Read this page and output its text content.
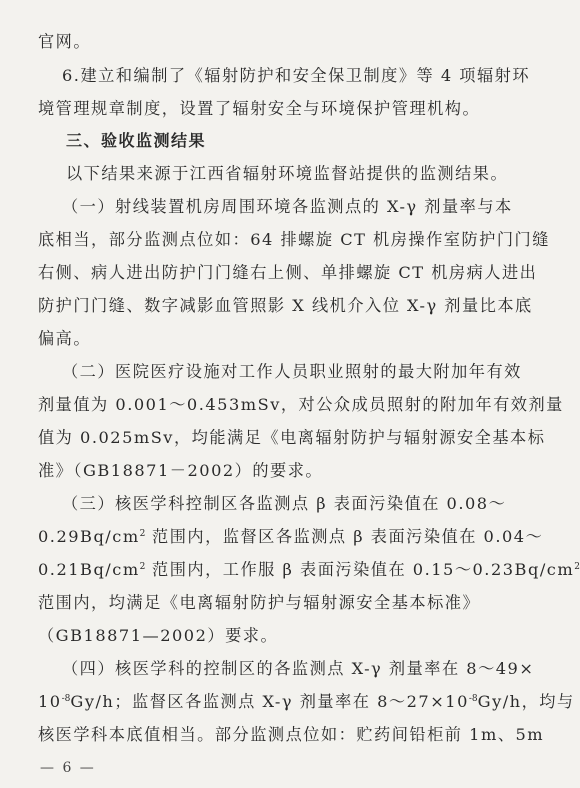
官网。
6.建立和编制了《辐射防护和安全保卫制度》等 4 项辐射环
境管理规章制度，设置了辐射安全与环境保护管理机构。
三、验收监测结果
以下结果来源于江西省辐射环境监督站提供的监测结果。
（一）射线装置机房周围环境各监测点的 X-γ 剂量率与本
底相当，部分监测点位如：64 排螺旋 CT 机房操作室防护门门缝
右侧、病人进出防护门门缝右上侧、单排螺旋 CT 机房病人进出
防护门门缝、数字减影血管照影 X 线机介入位 X-γ 剂量比本底
偏高。
（二）医院医疗设施对工作人员职业照射的最大附加年有效
剂量值为 0.001～0.453mSv，对公众成员照射的附加年有效剂量
值为 0.025mSv，均能满足《电离辐射防护与辐射源安全基本标
准》（GB18871－2002）的要求。
（三）核医学科控制区各监测点 β 表面污染值在 0.08～
$0.29Bq/cm^2$ 范围内，监督区各监测点 β 表面污染值在 0.04～
$0.21Bq/cm^2$ 范围内，工作服 β 表面污染值在 $0.15\sim 0.23Bq/cm^2$
范围内，均满足《电离辐射防护与辐射源安全基本标准》
（GB18871—2002）要求。
（四）核医学科的控制区的各监测点 X-γ 剂量率在 8～49×
$10^{-8}Gy/h$；监督区各监测点 X-γ 剂量率在 $8\sim 27\times 10^{-8}Gy/h$，均与
核医学科本底值相当。部分监测点位如：贮药间铅柜前 1m、5m
— 6 —
